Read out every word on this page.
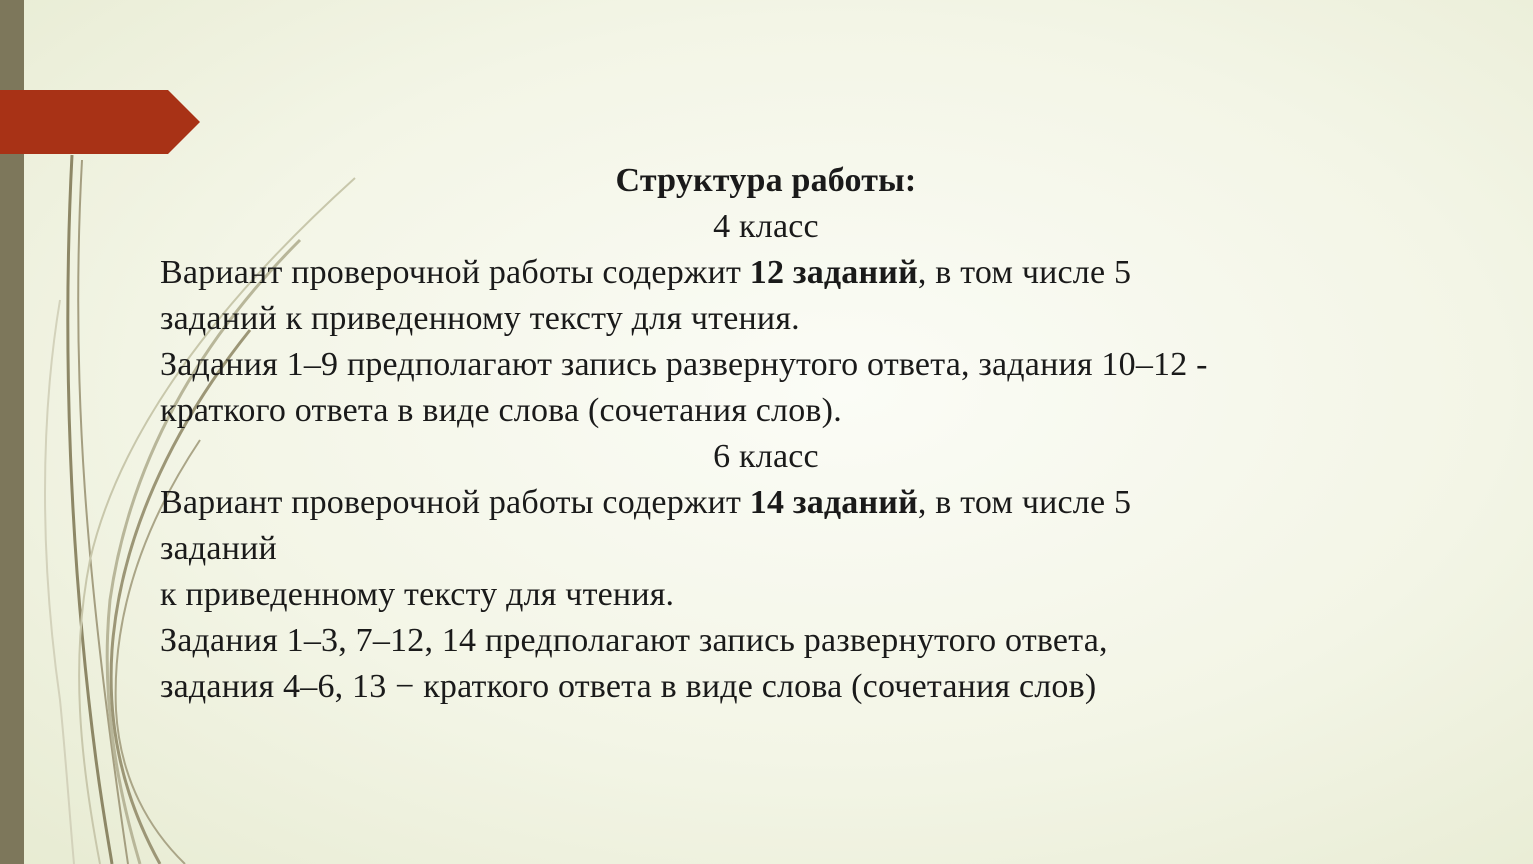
Структура работы:
4 класс
Вариант проверочной работы содержит 12 заданий, в том числе 5
заданий к приведенному тексту для чтения.
Задания 1–9 предполагают запись развернутого ответа, задания 10–12 -
краткого ответа в виде слова (сочетания слов).
6 класс
Вариант проверочной работы содержит 14 заданий, в том числе 5
заданий
к приведенному тексту для чтения.
Задания 1–3, 7–12, 14 предполагают запись развернутого ответа,
задания 4–6, 13 − краткого ответа в виде слова (сочетания слов)
